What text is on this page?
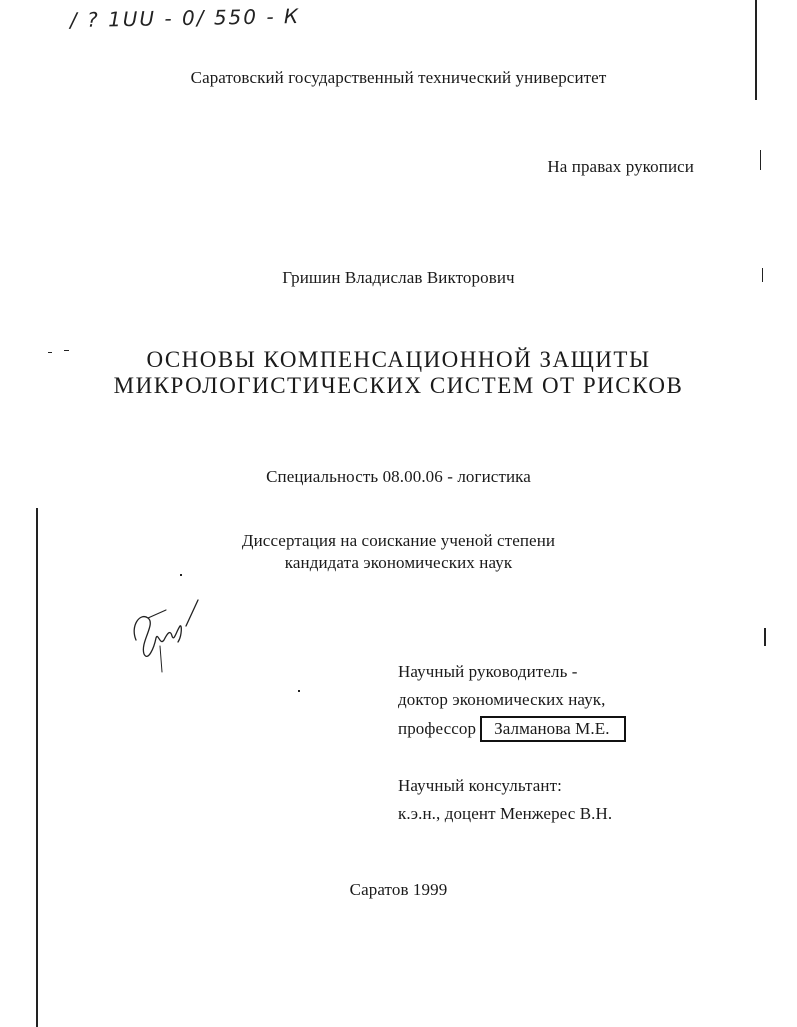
/ ? 1UU - 0/ 550 - К
Саратовский государственный технический университет
На правах рукописи
Гришин Владислав Викторович
ОСНОВЫ КОМПЕНСАЦИОННОЙ ЗАЩИТЫ
МИКРОЛОГИСТИЧЕСКИХ СИСТЕМ ОТ РИСКОВ
Специальность 08.00.06 - логистика
Диссертация на соискание ученой степени
кандидата экономических наук
Научный руководитель -
доктор экономических наук,
профессор Залманова М.Е.
Научный консультант:
к.э.н., доцент Менжерес В.Н.
Саратов 1999
